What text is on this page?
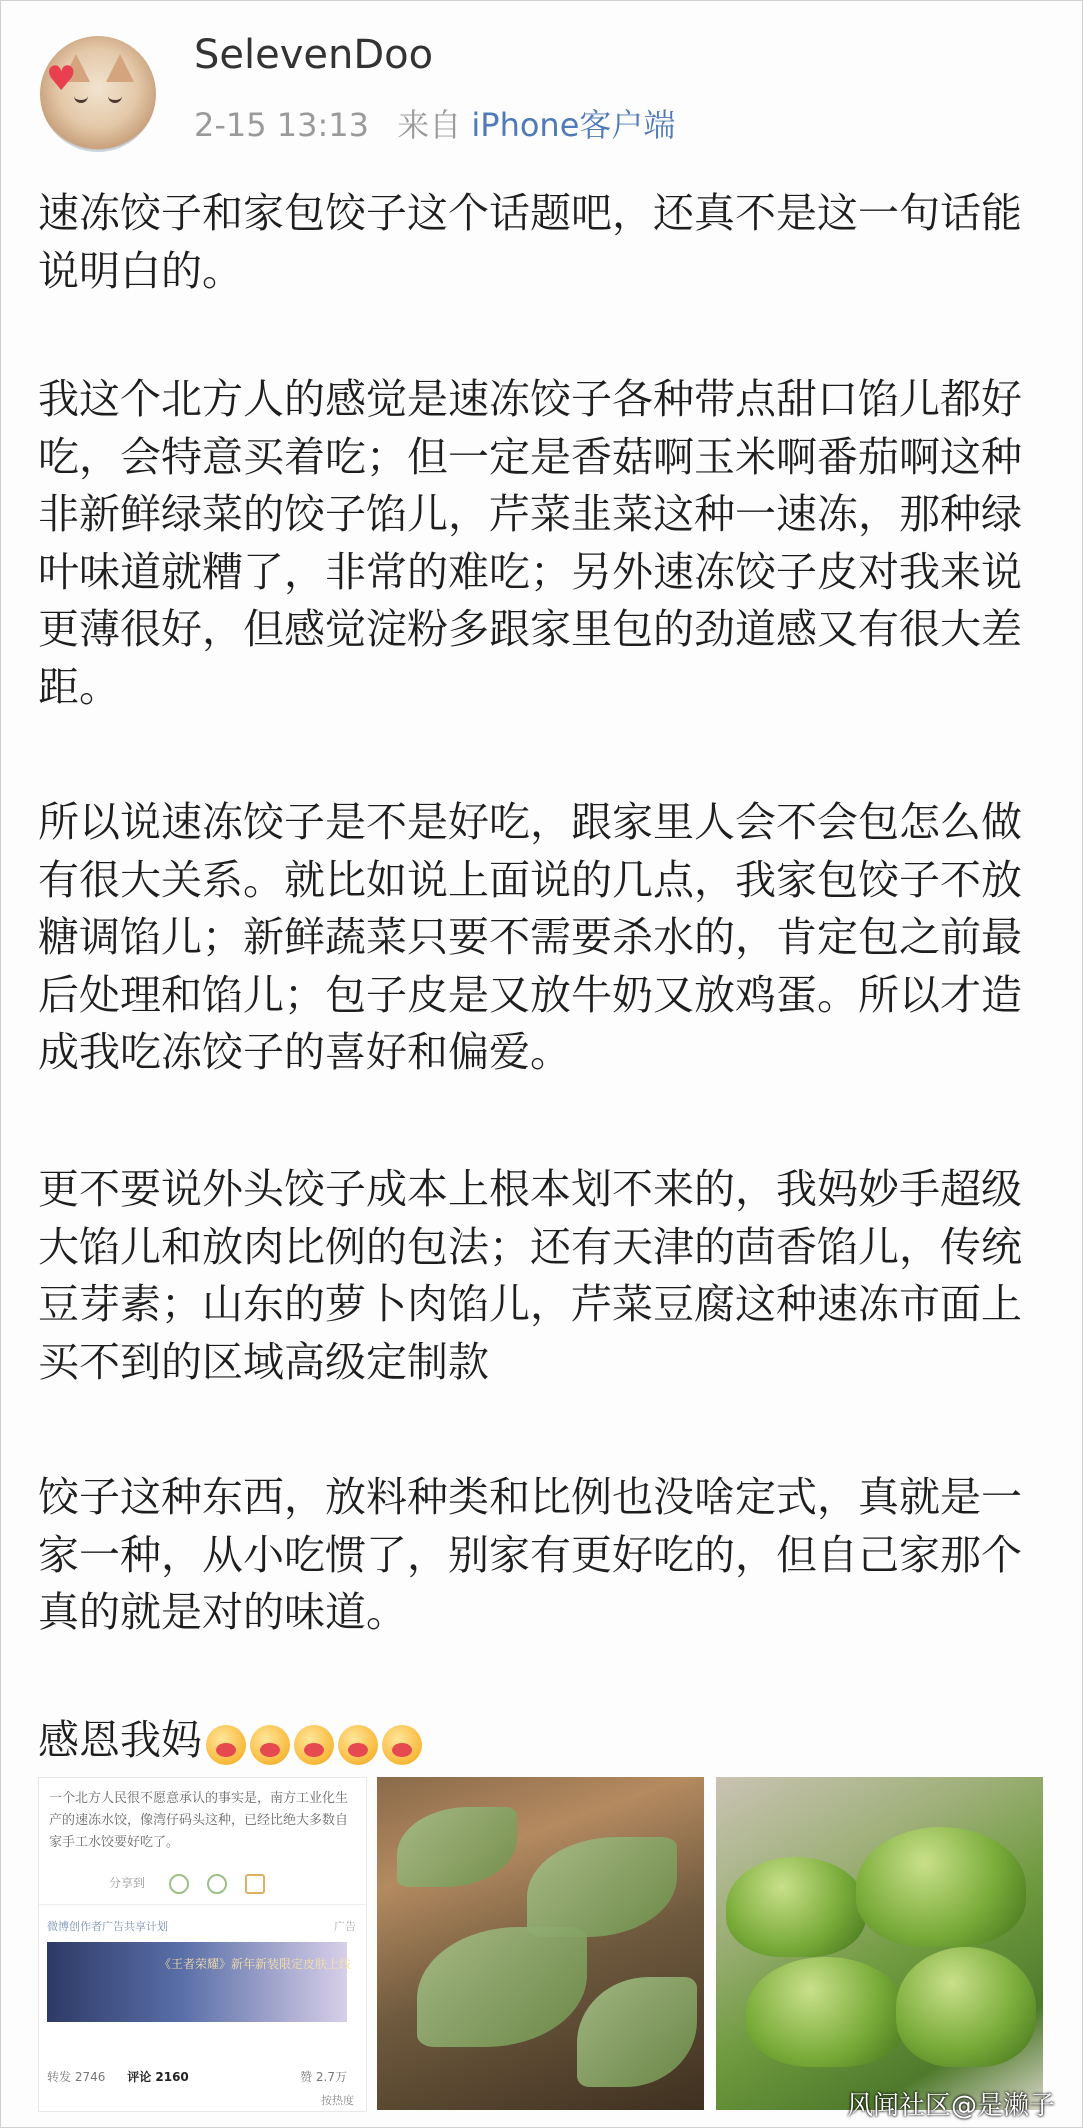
♥
SelevenDoo
2-15 13:13 来自 iPhone客户端

速冻饺子和家包饺子这个话题吧，还真不是这一句话能说明白的。

我这个北方人的感觉是速冻饺子各种带点甜口馅儿都好吃，会特意买着吃；但一定是香菇啊玉米啊番茄啊这种非新鲜绿菜的饺子馅儿，芹菜韭菜这种一速冻，那种绿叶味道就糟了，非常的难吃；另外速冻饺子皮对我来说更薄很好，但感觉淀粉多跟家里包的劲道感又有很大差距。

所以说速冻饺子是不是好吃，跟家里人会不会包怎么做有很大关系。就比如说上面说的几点，我家包饺子不放糖调馅儿；新鲜蔬菜只要不需要杀水的，肯定包之前最后处理和馅儿；包子皮是又放牛奶又放鸡蛋。所以才造成我吃冻饺子的喜好和偏爱。

更不要说外头饺子成本上根本划不来的，我妈妙手超级大馅儿和放肉比例的包法；还有天津的茴香馅儿，传统豆芽素；山东的萝卜肉馅儿，芹菜豆腐这种速冻市面上买不到的区域高级定制款

饺子这种东西，放料种类和比例也没啥定式，真就是一家一种，从小吃惯了，别家有更好吃的，但自己家那个真的就是对的味道。

感恩我妈
一个北方人民很不愿意承认的事实是，南方工业化生产的速冻水饺，像湾仔码头这种，已经比绝大多数自家手工水饺要好吃了。
分享到
微博创作者广告共享计划	广告
《王者荣耀》新年新装限定皮肤上线
转发 2746 评论 2160	赞 2.7万
按热度	风闻社区@是濑子
